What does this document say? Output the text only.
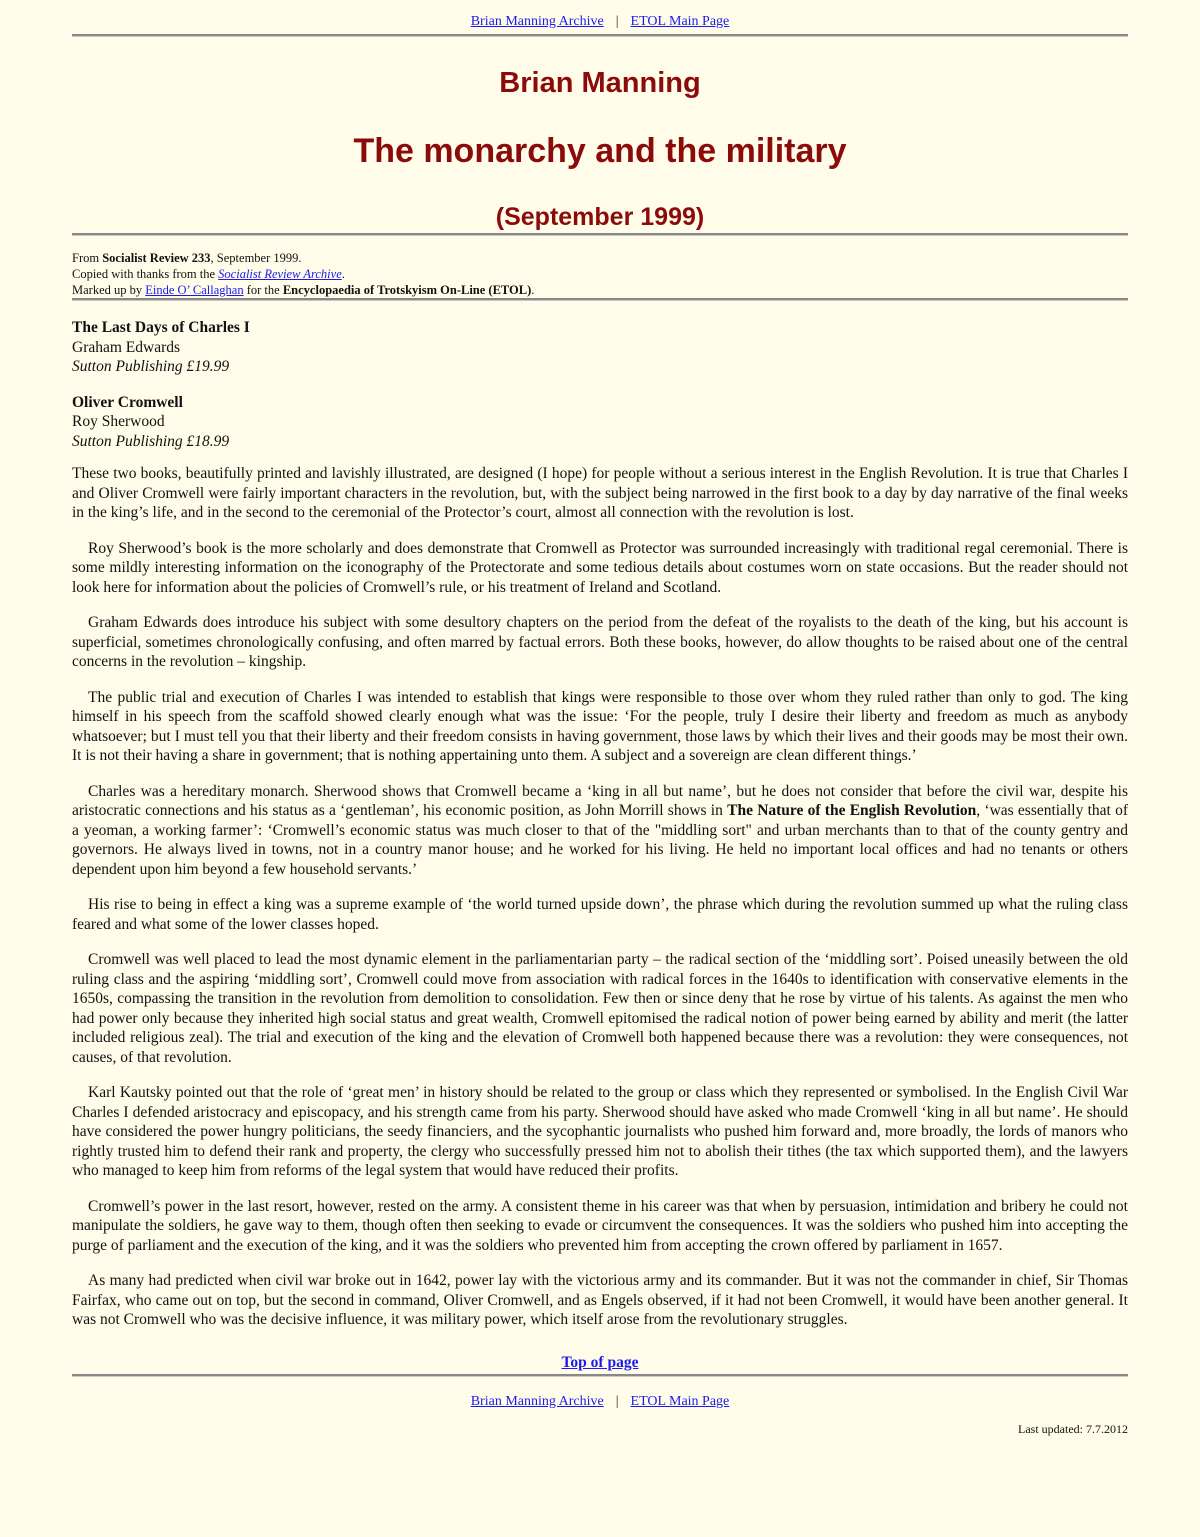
Brian Manning Archive | ETOL Main Page
Brian Manning
The monarchy and the military
(September 1999)
From Socialist Review 233, September 1999.
Copied with thanks from the Socialist Review Archive.
Marked up by Einde O’ Callaghan for the Encyclopaedia of Trotskyism On-Line (ETOL).
The Last Days of Charles I
Graham Edwards
Sutton Publishing £19.99
Oliver Cromwell
Roy Sherwood
Sutton Publishing £18.99

These two books, beautifully printed and lavishly illustrated, are designed (I hope) for people without a serious interest in the English Revolution. It is true that Charles I and Oliver Cromwell were fairly important characters in the revolution, but, with the subject being narrowed in the first book to a day by day narrative of the final weeks in the king’s life, and in the second to the ceremonial of the Protector’s court, almost all connection with the revolution is lost.

Roy Sherwood’s book is the more scholarly and does demonstrate that Cromwell as Protector was surrounded increasingly with traditional regal ceremonial. There is some mildly interesting information on the iconography of the Protectorate and some tedious details about costumes worn on state occasions. But the reader should not look here for information about the policies of Cromwell’s rule, or his treatment of Ireland and Scotland.

Graham Edwards does introduce his subject with some desultory chapters on the period from the defeat of the royalists to the death of the king, but his account is superficial, sometimes chronologically confusing, and often marred by factual errors. Both these books, however, do allow thoughts to be raised about one of the central concerns in the revolution – kingship.

The public trial and execution of Charles I was intended to establish that kings were responsible to those over whom they ruled rather than only to god. The king himself in his speech from the scaffold showed clearly enough what was the issue: ‘For the people, truly I desire their liberty and freedom as much as anybody whatsoever; but I must tell you that their liberty and their freedom consists in having government, those laws by which their lives and their goods may be most their own. It is not their having a share in government; that is nothing appertaining unto them. A subject and a sovereign are clean different things.’

Charles was a hereditary monarch. Sherwood shows that Cromwell became a ‘king in all but name’, but he does not consider that before the civil war, despite his aristocratic connections and his status as a ‘gentleman’, his economic position, as John Morrill shows in The Nature of the English Revolution, ‘was essentially that of a yeoman, a working farmer’: ‘Cromwell’s economic status was much closer to that of the "middling sort" and urban merchants than to that of the county gentry and governors. He always lived in towns, not in a country manor house; and he worked for his living. He held no important local offices and had no tenants or others dependent upon him beyond a few household servants.’

His rise to being in effect a king was a supreme example of ‘the world turned upside down’, the phrase which during the revolution summed up what the ruling class feared and what some of the lower classes hoped.

Cromwell was well placed to lead the most dynamic element in the parliamentarian party – the radical section of the ‘middling sort’. Poised uneasily between the old ruling class and the aspiring ‘middling sort’, Cromwell could move from association with radical forces in the 1640s to identification with conservative elements in the 1650s, compassing the transition in the revolution from demolition to consolidation. Few then or since deny that he rose by virtue of his talents. As against the men who had power only because they inherited high social status and great wealth, Cromwell epitomised the radical notion of power being earned by ability and merit (the latter included religious zeal). The trial and execution of the king and the elevation of Cromwell both happened because there was a revolution: they were consequences, not causes, of that revolution.

Karl Kautsky pointed out that the role of ‘great men’ in history should be related to the group or class which they represented or symbolised. In the English Civil War Charles I defended aristocracy and episcopacy, and his strength came from his party. Sherwood should have asked who made Cromwell ‘king in all but name’. He should have considered the power hungry politicians, the seedy financiers, and the sycophantic journalists who pushed him forward and, more broadly, the lords of manors who rightly trusted him to defend their rank and property, the clergy who successfully pressed him not to abolish their tithes (the tax which supported them), and the lawyers who managed to keep him from reforms of the legal system that would have reduced their profits.

Cromwell’s power in the last resort, however, rested on the army. A consistent theme in his career was that when by persuasion, intimidation and bribery he could not manipulate the soldiers, he gave way to them, though often then seeking to evade or circumvent the consequences. It was the soldiers who pushed him into accepting the purge of parliament and the execution of the king, and it was the soldiers who prevented him from accepting the crown offered by parliament in 1657.

As many had predicted when civil war broke out in 1642, power lay with the victorious army and its commander. But it was not the commander in chief, Sir Thomas Fairfax, who came out on top, but the second in command, Oliver Cromwell, and as Engels observed, if it had not been Cromwell, it would have been another general. It was not Cromwell who was the decisive influence, it was military power, which itself arose from the revolutionary struggles.

Top of page
Brian Manning Archive | ETOL Main Page
Last updated: 7.7.2012
